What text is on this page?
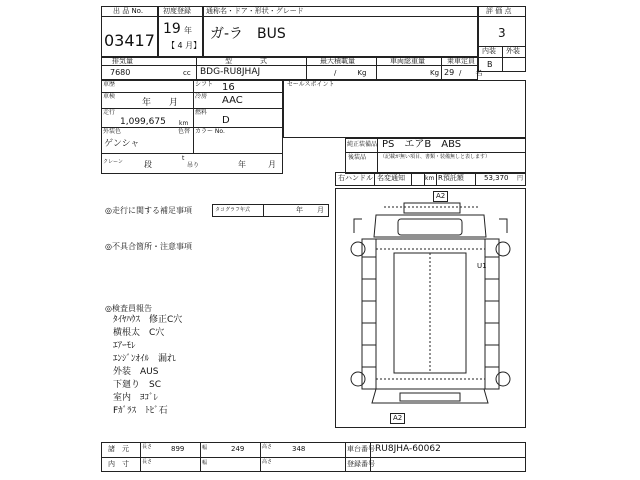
出 品 No.
03417
初度登録
19 年
【 4 月】
通称名・ドア・形状・グレード
ガ-ラ　BUS
評 価 点
3
内装 外装
B
排気量
7680	cc
型　　　　式
BDG-RU8JHAJ
最大積載量
/　　　Kg
車両総重量
Kg
乗車定員
29 /　　名
車歴	シフト 16
車検
年　　月
冷房 AAC
走行
1,099,675 km
燃料
D
外装色
ゲンシャ
色替 カラー No.
クレーン	段
t
吊り	年	月
セールスポイント
純正装備品 PS　エアB　ABS
後装品	（記載が無い項目、書類・装備無しと表します）
右ハンドル 名変通知	km R預託額	53,370 円
◎走行に関する補足事項	タコグラフ年式	年　　月
◎不具合箇所・注意事項
◎検査員報告
ﾀｲﾔﾊｳｽ　修正C穴
横根太　C穴
ｴｱｰﾓﾚ
ｴﾝｼﾞﾝｵｲﾙ　漏れ
外装　AUS
下廻り　SC
室内　ﾖｺﾞﾚ
Fｶﾞﾗｽ　ﾄﾋﾞ石
A2
A2
U1
諸　元	長さ	899	幅	249	高さ	348	車台番号 RU8JHA-60062
内　寸	長さ	幅	高さ	登録番号
